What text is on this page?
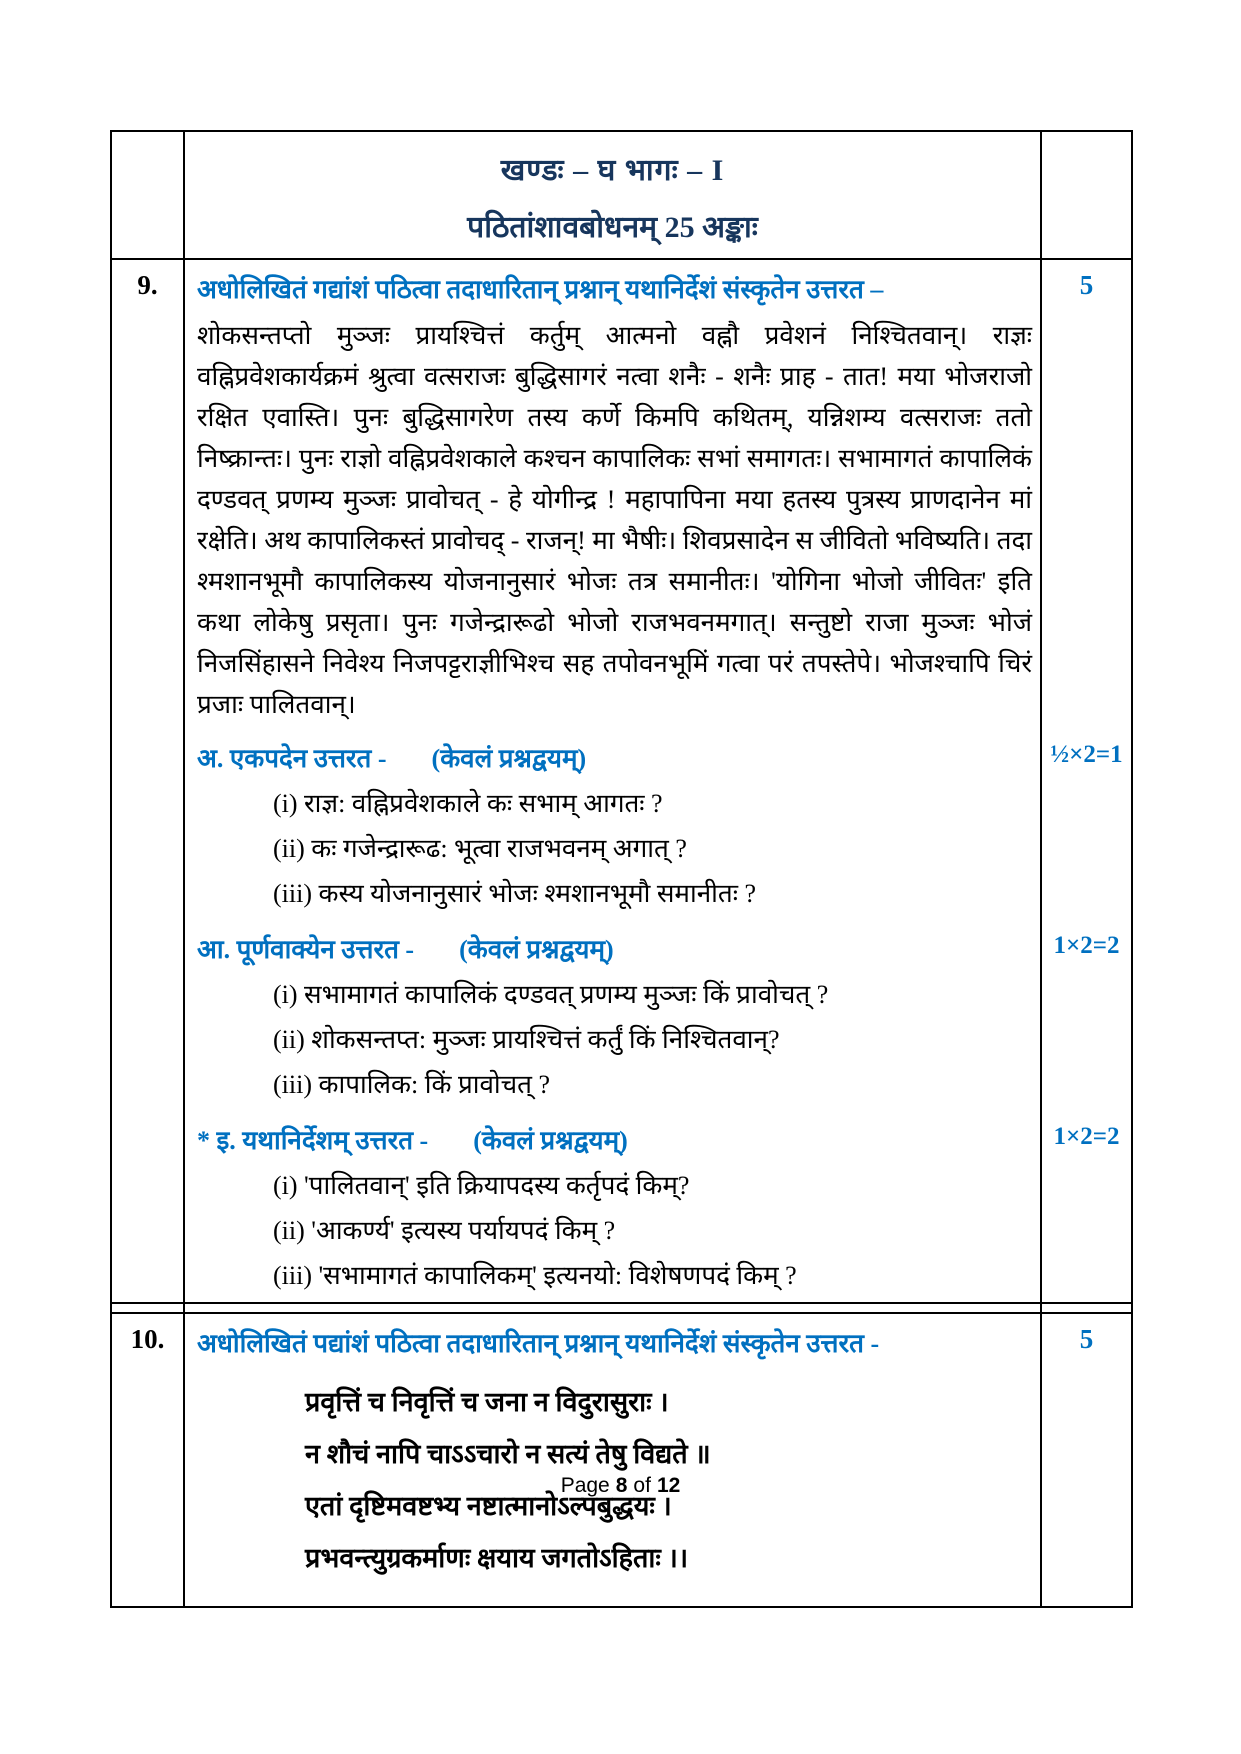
	खण्डः – घ भागः – I
पठितांशावबोधनम् 25 अङ्काः	

9.	अधोलिखितं गद्यांशं पठित्वा तदाधारितान् प्रश्नान् यथानिर्देशं संस्कृतेन उत्तरत –	5

	शोकसन्तप्तो मुञ्जः प्रायश्चित्तं कर्तुम् आत्मनो वह्नौ प्रवेशनं निश्चितवान्। राज्ञः वह्निप्रवेशकार्यक्रमं श्रुत्वा वत्सराजः बुद्धिसागरं नत्वा शनैः - शनैः प्राह - तात! मया भोजराजो रक्षित एवास्ति। पुनः बुद्धिसागरेण तस्य कर्णे किमपि कथितम्, यन्निशम्य वत्सराजः ततो निष्क्रान्तः। पुनः राज्ञो वह्निप्रवेशकाले कश्चन कापालिकः सभां समागतः। सभामागतं कापालिकं दण्डवत् प्रणम्य मुञ्जः प्रावोचत् - हे योगीन्द्र ! महापापिना मया हतस्य पुत्रस्य प्राणदानेन मां रक्षेति। अथ कापालिकस्तं प्रावोचद् - राजन्! मा भैषीः। शिवप्रसादेन स जीवितो भविष्यति। तदा श्मशानभूमौ कापालिकस्य योजनानुसारं भोजः तत्र समानीतः। 'योगिना भोजो जीवितः' इति कथा लोकेषु प्रसृता। पुनः गजेन्द्रारूढो भोजो राजभवनमगात्। सन्तुष्टो राजा मुञ्जः भोजं निजसिंहासने निवेश्य निजपट्टराज्ञीभिश्च सह तपोवनभूमिं गत्वा परं तपस्तेपे। भोजश्चापि चिरं प्रजाः पालितवान्।	

	अ. एकपदेन उत्तरत - (केवलं प्रश्नद्वयम्)
(i) राज्ञ: वह्निप्रवेशकाले कः सभाम् आगतः ?
(ii) कः गजेन्द्रारूढ: भूत्वा राजभवनम् अगात् ?
(iii) कस्य योजनानुसारं भोजः श्मशानभूमौ समानीतः ?	½×2=1

	आ. पूर्णवाक्येन उत्तरत - (केवलं प्रश्नद्वयम्)
(i) सभामागतं कापालिकं दण्डवत् प्रणम्य मुञ्जः किं प्रावोचत् ?
(ii) शोकसन्तप्त: मुञ्जः प्रायश्चित्तं कर्तुं किं निश्चितवान्?
(iii) कापालिक: किं प्रावोचत् ?	1×2=2

	* इ. यथानिर्देशम् उत्तरत - (केवलं प्रश्नद्वयम्)
(i) 'पालितवान्' इति क्रियापदस्य कर्तृपदं किम्?
(ii) 'आकर्ण्य' इत्यस्य पर्यायपदं किम् ?
(iii) 'सभामागतं कापालिकम्' इत्यनयो: विशेषणपदं किम् ?	1×2=2

10.	अधोलिखितं पद्यांशं पठित्वा तदाधारितान् प्रश्नान् यथानिर्देशं संस्कृतेन उत्तरत -
प्रवृत्तिं च निवृत्तिं च जना न विदुरासुराः ।
न शौचं नापि चाऽऽचारो न सत्यं तेषु विद्यते ॥
एतां दृष्टिमवष्टभ्य नष्टात्मानोऽल्पबुद्धयः ।
प्रभवन्त्युग्रकर्माणः क्षयाय जगतोऽहिताः ।।	5
Page 8 of 12
